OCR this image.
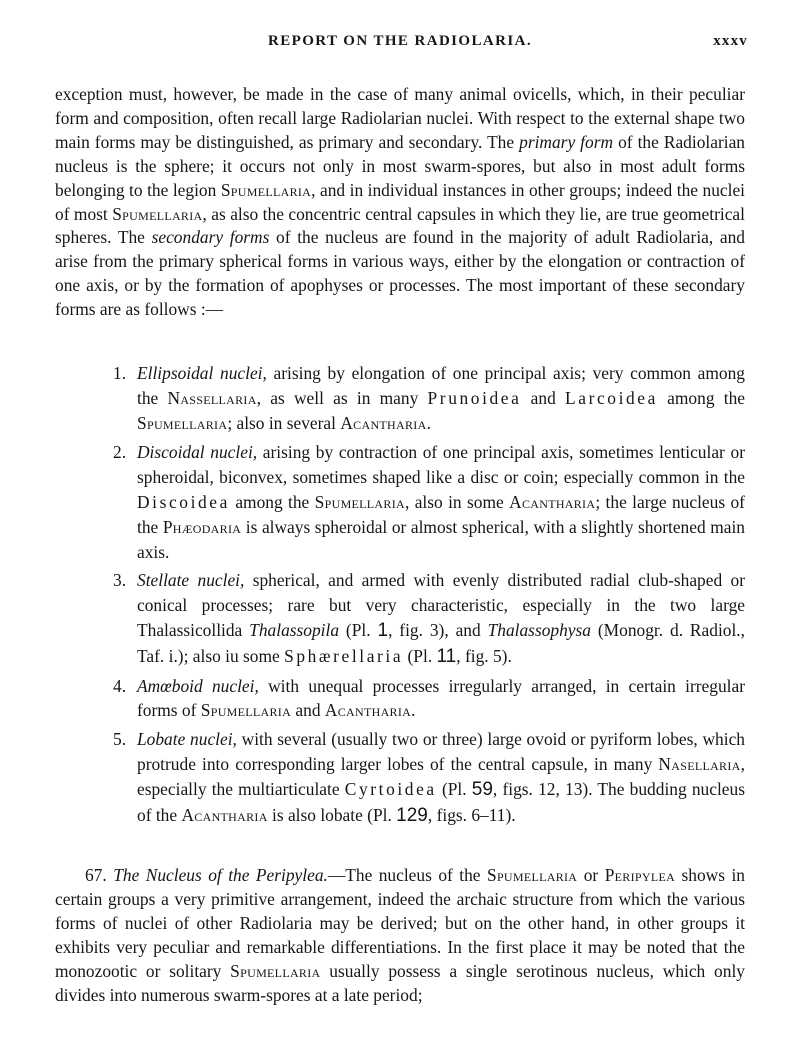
REPORT ON THE RADIOLARIA.	xxxv

exception must, however, be made in the case of many animal ovicells, which, in their peculiar form and composition, often recall large Radiolarian nuclei. With respect to the external shape two main forms may be distinguished, as primary and secondary. The primary form of the Radiolarian nucleus is the sphere; it occurs not only in most swarm-spores, but also in most adult forms belonging to the legion Spumellaria, and in individual instances in other groups; indeed the nuclei of most Spumellaria, as also the concentric central capsules in which they lie, are true geometrical spheres. The secondary forms of the nucleus are found in the majority of adult Radiolaria, and arise from the primary spherical forms in various ways, either by the elongation or contraction of one axis, or by the formation of apophyses or processes. The most important of these secondary forms are as follows :—

1. Ellipsoidal nuclei, arising by elongation of one principal axis; very common among the Nassellaria, as well as in many Prunoidea and Larcoidea among the Spumellaria; also in several Acantharia.
2. Discoidal nuclei, arising by contraction of one principal axis, sometimes lenticular or spheroidal, biconvex, sometimes shaped like a disc or coin; especially common in the Discoidea among the Spumellaria, also in some Acantharia; the large nucleus of the Phæodaria is always spheroidal or almost spherical, with a slightly shortened main axis.
3. Stellate nuclei, spherical, and armed with evenly distributed radial club-shaped or conical processes; rare but very characteristic, especially in the two large Thalassicollida Thalassopila (Pl. 1, fig. 3), and Thalassophysa (Monogr. d. Radiol., Taf. i.); also iu some Sphærellaria (Pl. 11, fig. 5).
4. Amœboid nuclei, with unequal processes irregularly arranged, in certain irregular forms of Spumellaria and Acantharia.
5. Lobate nuclei, with several (usually two or three) large ovoid or pyriform lobes, which protrude into corresponding larger lobes of the central capsule, in many Nasellaria, especially the multiarticulate Cyrtoidea (Pl. 59, figs. 12, 13). The budding nucleus of the Acantharia is also lobate (Pl. 129, figs. 6–11).

67. The Nucleus of the Peripylea.—The nucleus of the Spumellaria or Peripylea shows in certain groups a very primitive arrangement, indeed the archaic structure from which the various forms of nuclei of other Radiolaria may be derived; but on the other hand, in other groups it exhibits very peculiar and remarkable differentiations. In the first place it may be noted that the monozootic or solitary Spumellaria usually possess a single serotinous nucleus, which only divides into numerous swarm-spores at a late period;
